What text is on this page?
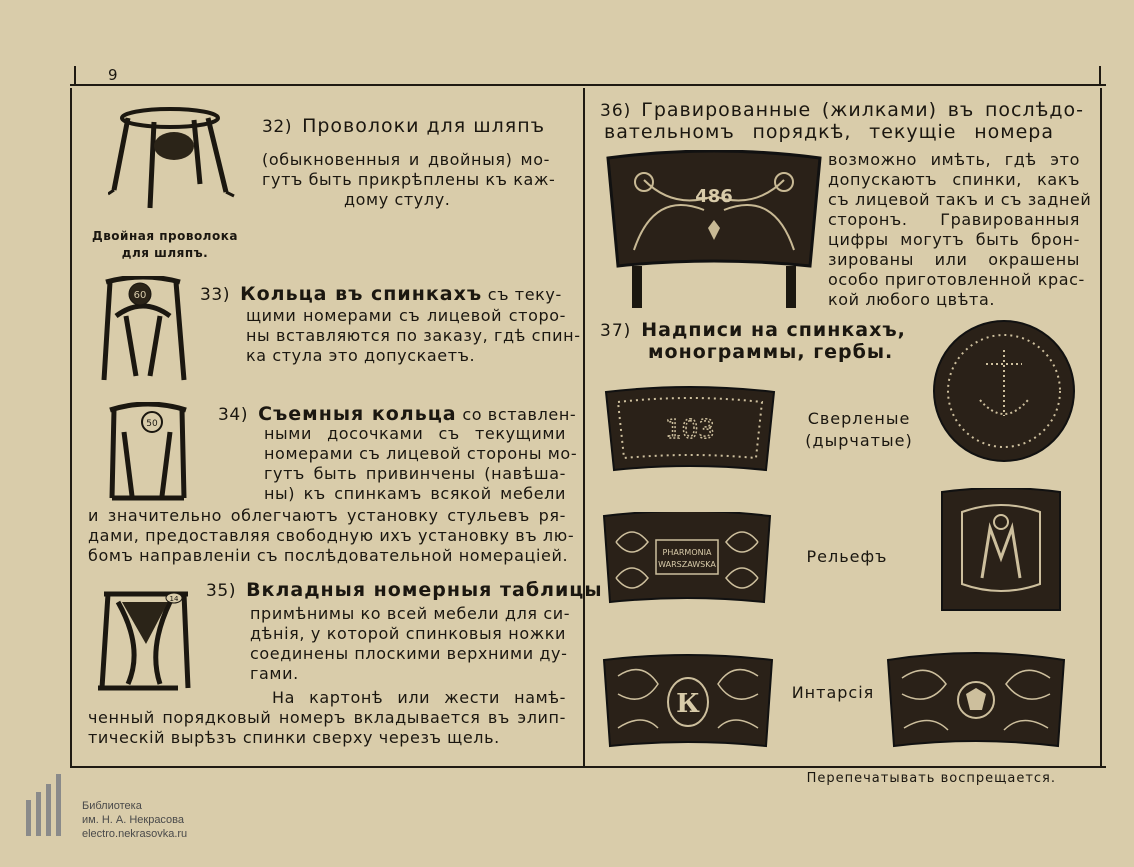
9
Двойная проволока
для шляпъ.
32) Проволоки для шляпъ
(обыкновенныя и двойныя) мо-
гутъ быть прикрѣплены къ каж-
дому стулу.
60	33) Кольца въ спинкахъ съ теку-
щими номерами съ лицевой сторо-
ны вставляются по заказу, гдѣ спин-
ка стула это допускаетъ.
50	34) Съемныя кольца со вставлен-
ными досочками съ текущими
номерами съ лицевой стороны мо-
гутъ быть привинчены (навѣша-
ны) къ спинкамъ всякой мебели
и значительно облегчаютъ установку стульевъ ря-
дами, предоставляя свободную ихъ установку въ лю-
бомъ направленіи съ послѣдовательной номераціей.
14 35) Вкладныя номерныя таблицы
примѣнимы ко всей мебели для си-
дѣнія, у которой спинковыя ножки
соединены плоскими верхними ду-
гами.
На картонѣ или жести намѣ-
ченный порядковый номеръ вкладывается въ элип-
тическій вырѣзъ спинки сверху черезъ щель.
36) Гравированные (жилками) въ послѣдо-
вательномъ порядкѣ, текущіе номера
486
возможно имѣть, гдѣ это
допускаютъ спинки, какъ
съ лицевой такъ и съ задней
сторонъ. Гравированныя
цифры могутъ быть брон-
зированы или окрашены
особо приготовленной крас-
кой любого цвѣта.
37) Надписи на спинкахъ,
монограммы, гербы.
103	Сверленые
(дырчатые)
PHARMONIA
WARSZAWSKA	Рельефъ
К	Интарсія
Перепечатывать воспрещается.
Библиотека
им. Н. А. Некрасова
electro.nekrasovka.ru
